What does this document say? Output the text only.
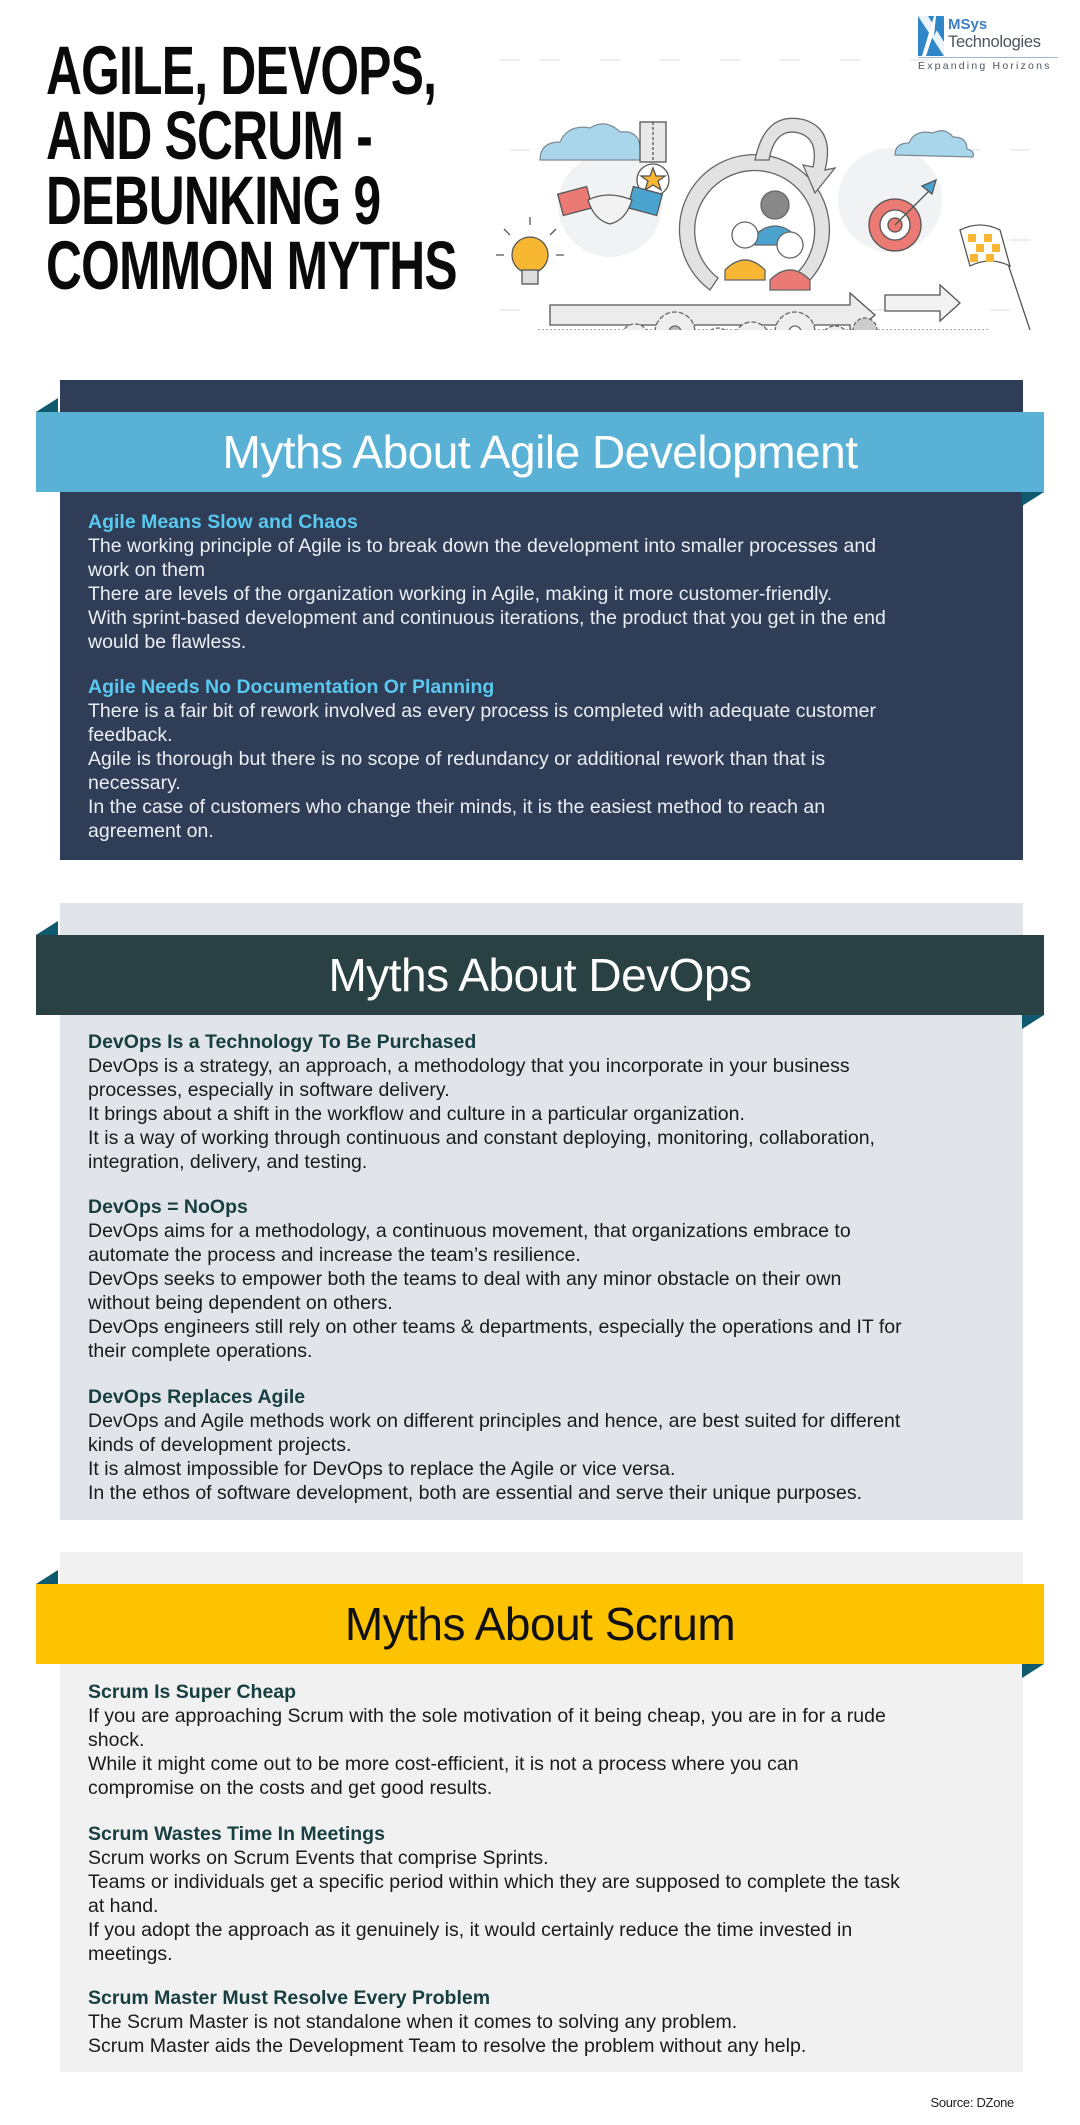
AGILE, DEVOPS,
AND SCRUM -
DEBUNKING 9
COMMON MYTHS
MSys
Technologies
Expanding Horizons
Myths About Agile Development
Agile Means Slow and Chaos
The working principle of Agile is to break down the development into smaller processes and
work on them
There are levels of the organization working in Agile, making it more customer-friendly.
With sprint-based development and continuous iterations, the product that you get in the end
would be flawless.
Agile Needs No Documentation Or Planning
There is a fair bit of rework involved as every process is completed with adequate customer
feedback.
Agile is thorough but there is no scope of redundancy or additional rework than that is
necessary.
In the case of customers who change their minds, it is the easiest method to reach an
agreement on.
Myths About DevOps
DevOps Is a Technology To Be Purchased
DevOps is a strategy, an approach, a methodology that you incorporate in your business
processes, especially in software delivery.
It brings about a shift in the workflow and culture in a particular organization.
It is a way of working through continuous and constant deploying, monitoring, collaboration,
integration, delivery, and testing.
DevOps = NoOps
DevOps aims for a methodology, a continuous movement, that organizations embrace to
automate the process and increase the team’s resilience.
DevOps seeks to empower both the teams to deal with any minor obstacle on their own
without being dependent on others.
DevOps engineers still rely on other teams & departments, especially the operations and IT for
their complete operations.
DevOps Replaces Agile
DevOps and Agile methods work on different principles and hence, are best suited for different
kinds of development projects.
It is almost impossible for DevOps to replace the Agile or vice versa.
In the ethos of software development, both are essential and serve their unique purposes.
Myths About Scrum
Scrum Is Super Cheap
If you are approaching Scrum with the sole motivation of it being cheap, you are in for a rude
shock.
While it might come out to be more cost-efficient, it is not a process where you can
compromise on the costs and get good results.
Scrum Wastes Time In Meetings
Scrum works on Scrum Events that comprise Sprints.
Teams or individuals get a specific period within which they are supposed to complete the task
at hand.
If you adopt the approach as it genuinely is, it would certainly reduce the time invested in
meetings.
Scrum Master Must Resolve Every Problem
The Scrum Master is not standalone when it comes to solving any problem.
Scrum Master aids the Development Team to resolve the problem without any help.
Source: DZone
